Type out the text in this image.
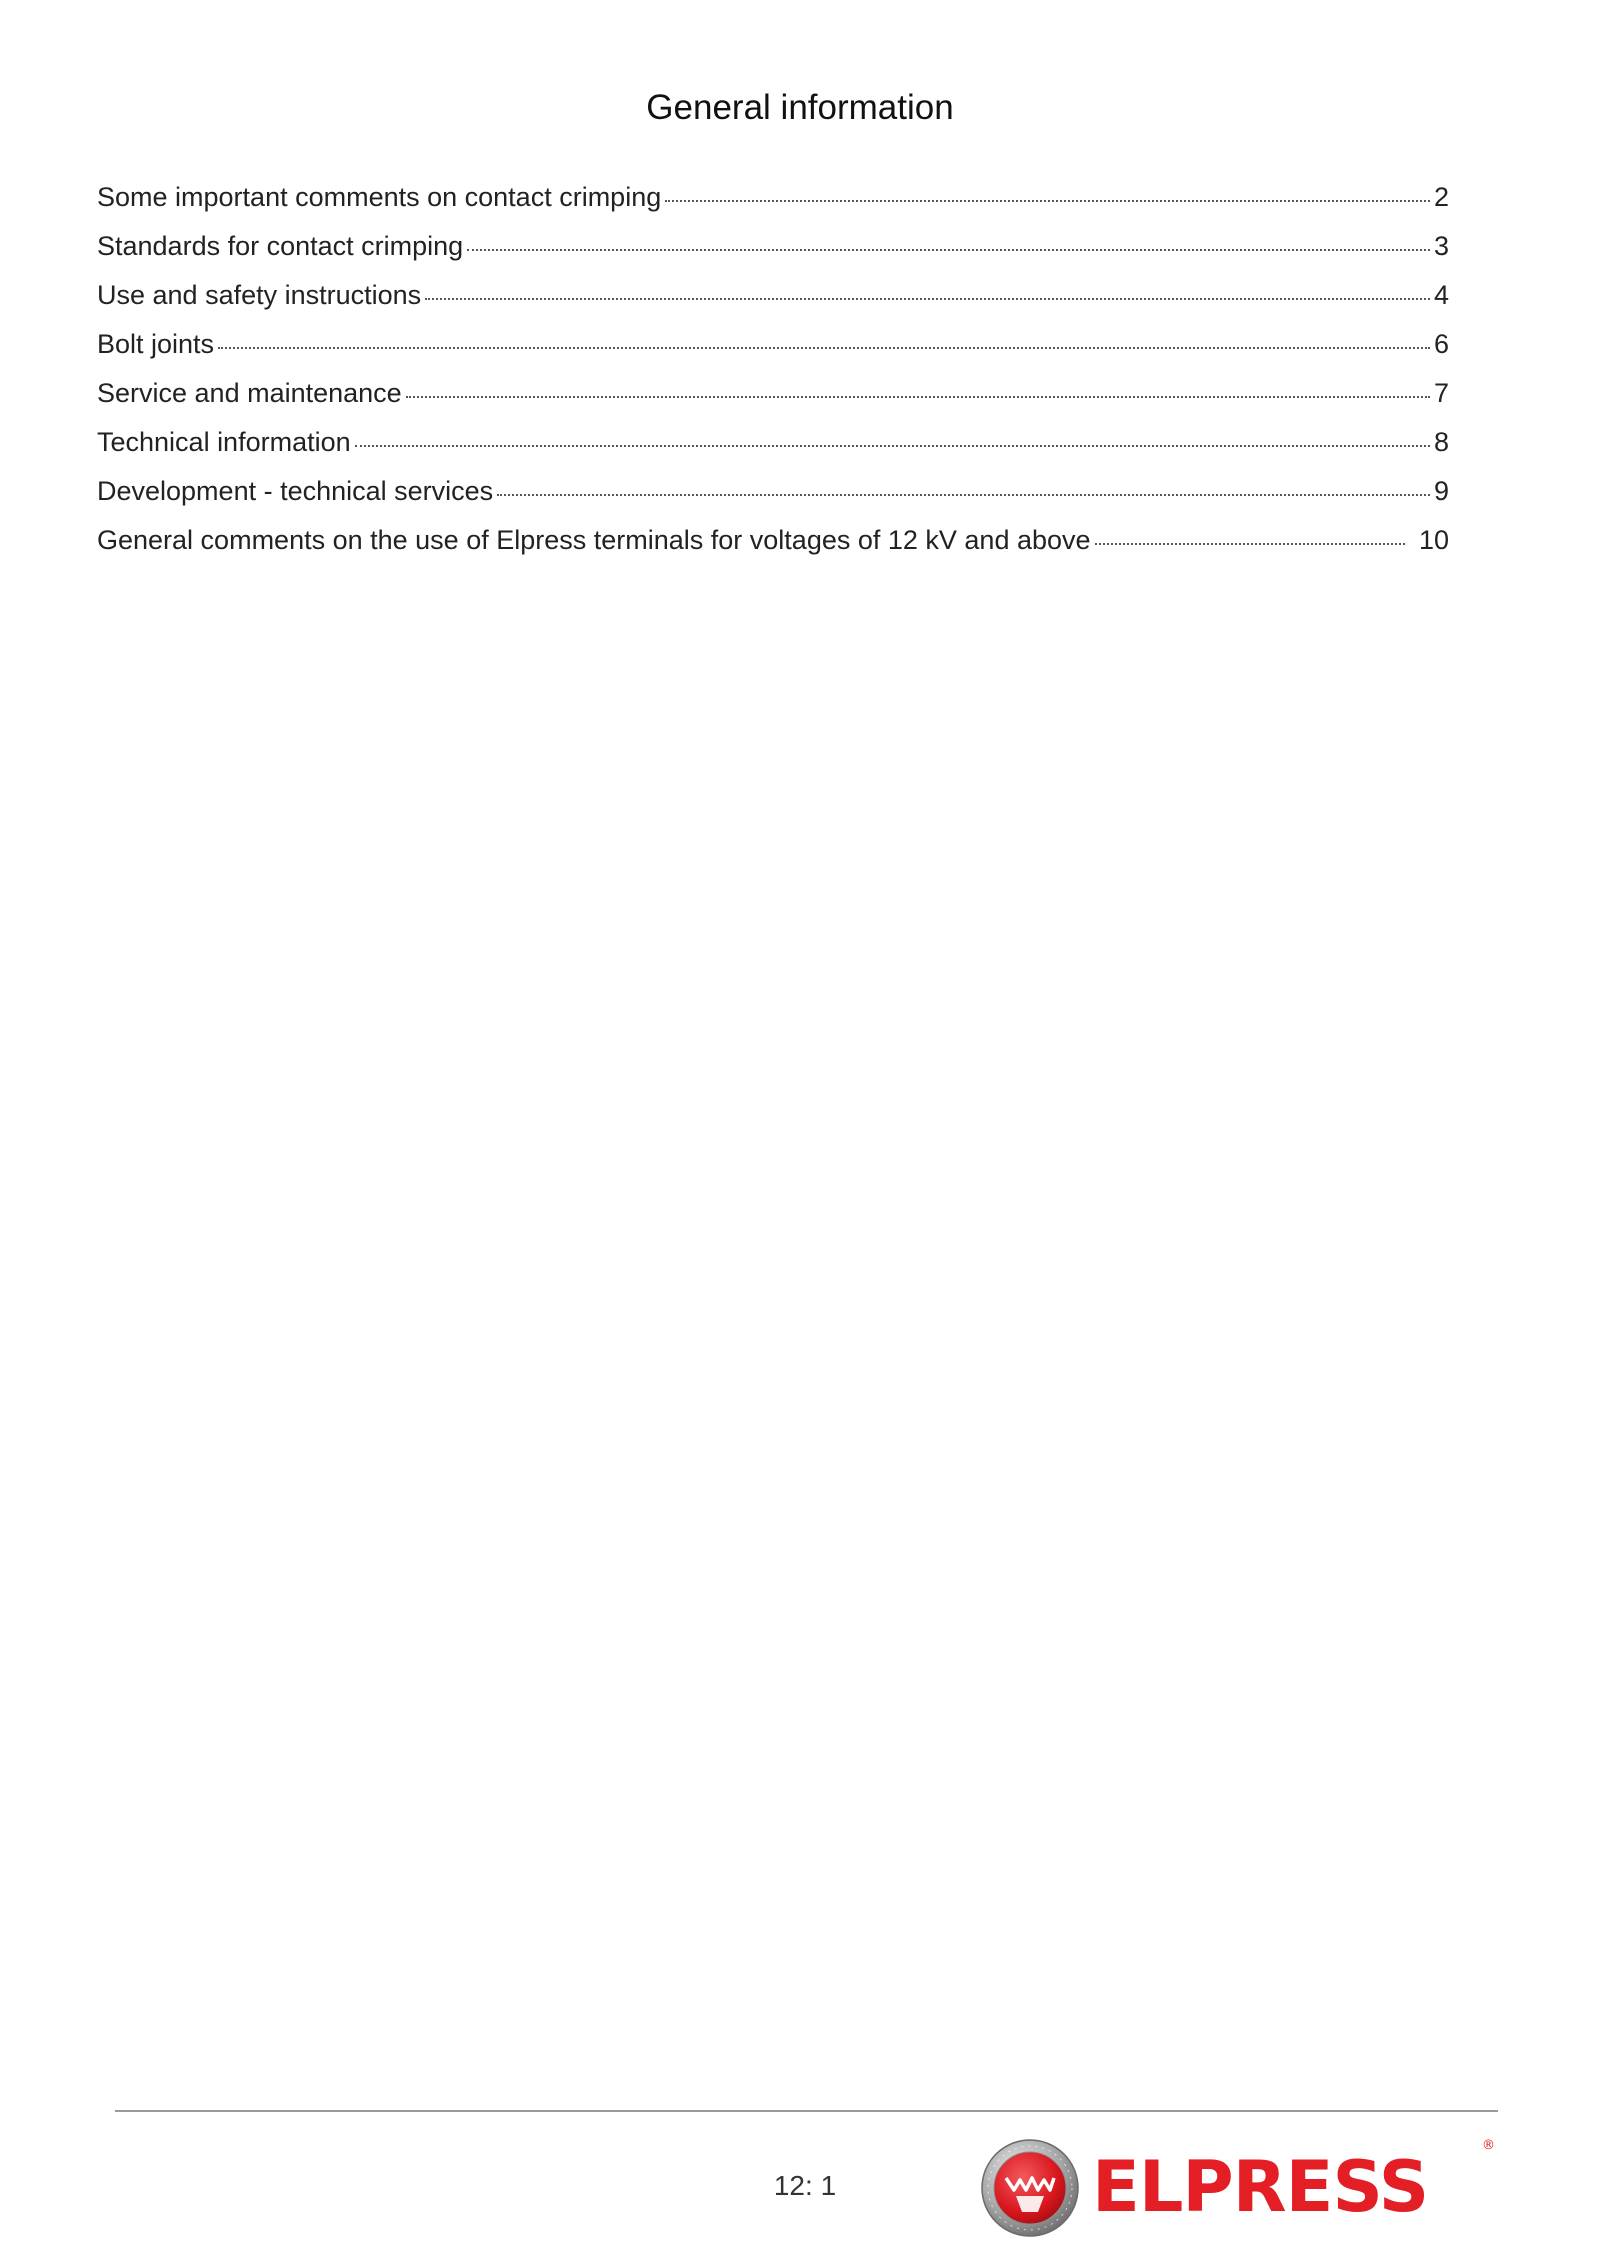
General information
Some important comments on contact crimping	2
Standards for contact crimping	3
Use and safety instructions	4
Bolt joints	6
Service and maintenance	7
Technical information	8
Development - technical services	9
General comments on the use of Elpress terminals for voltages of 12 kV and above	10
12: 1	ELPRESS
®
